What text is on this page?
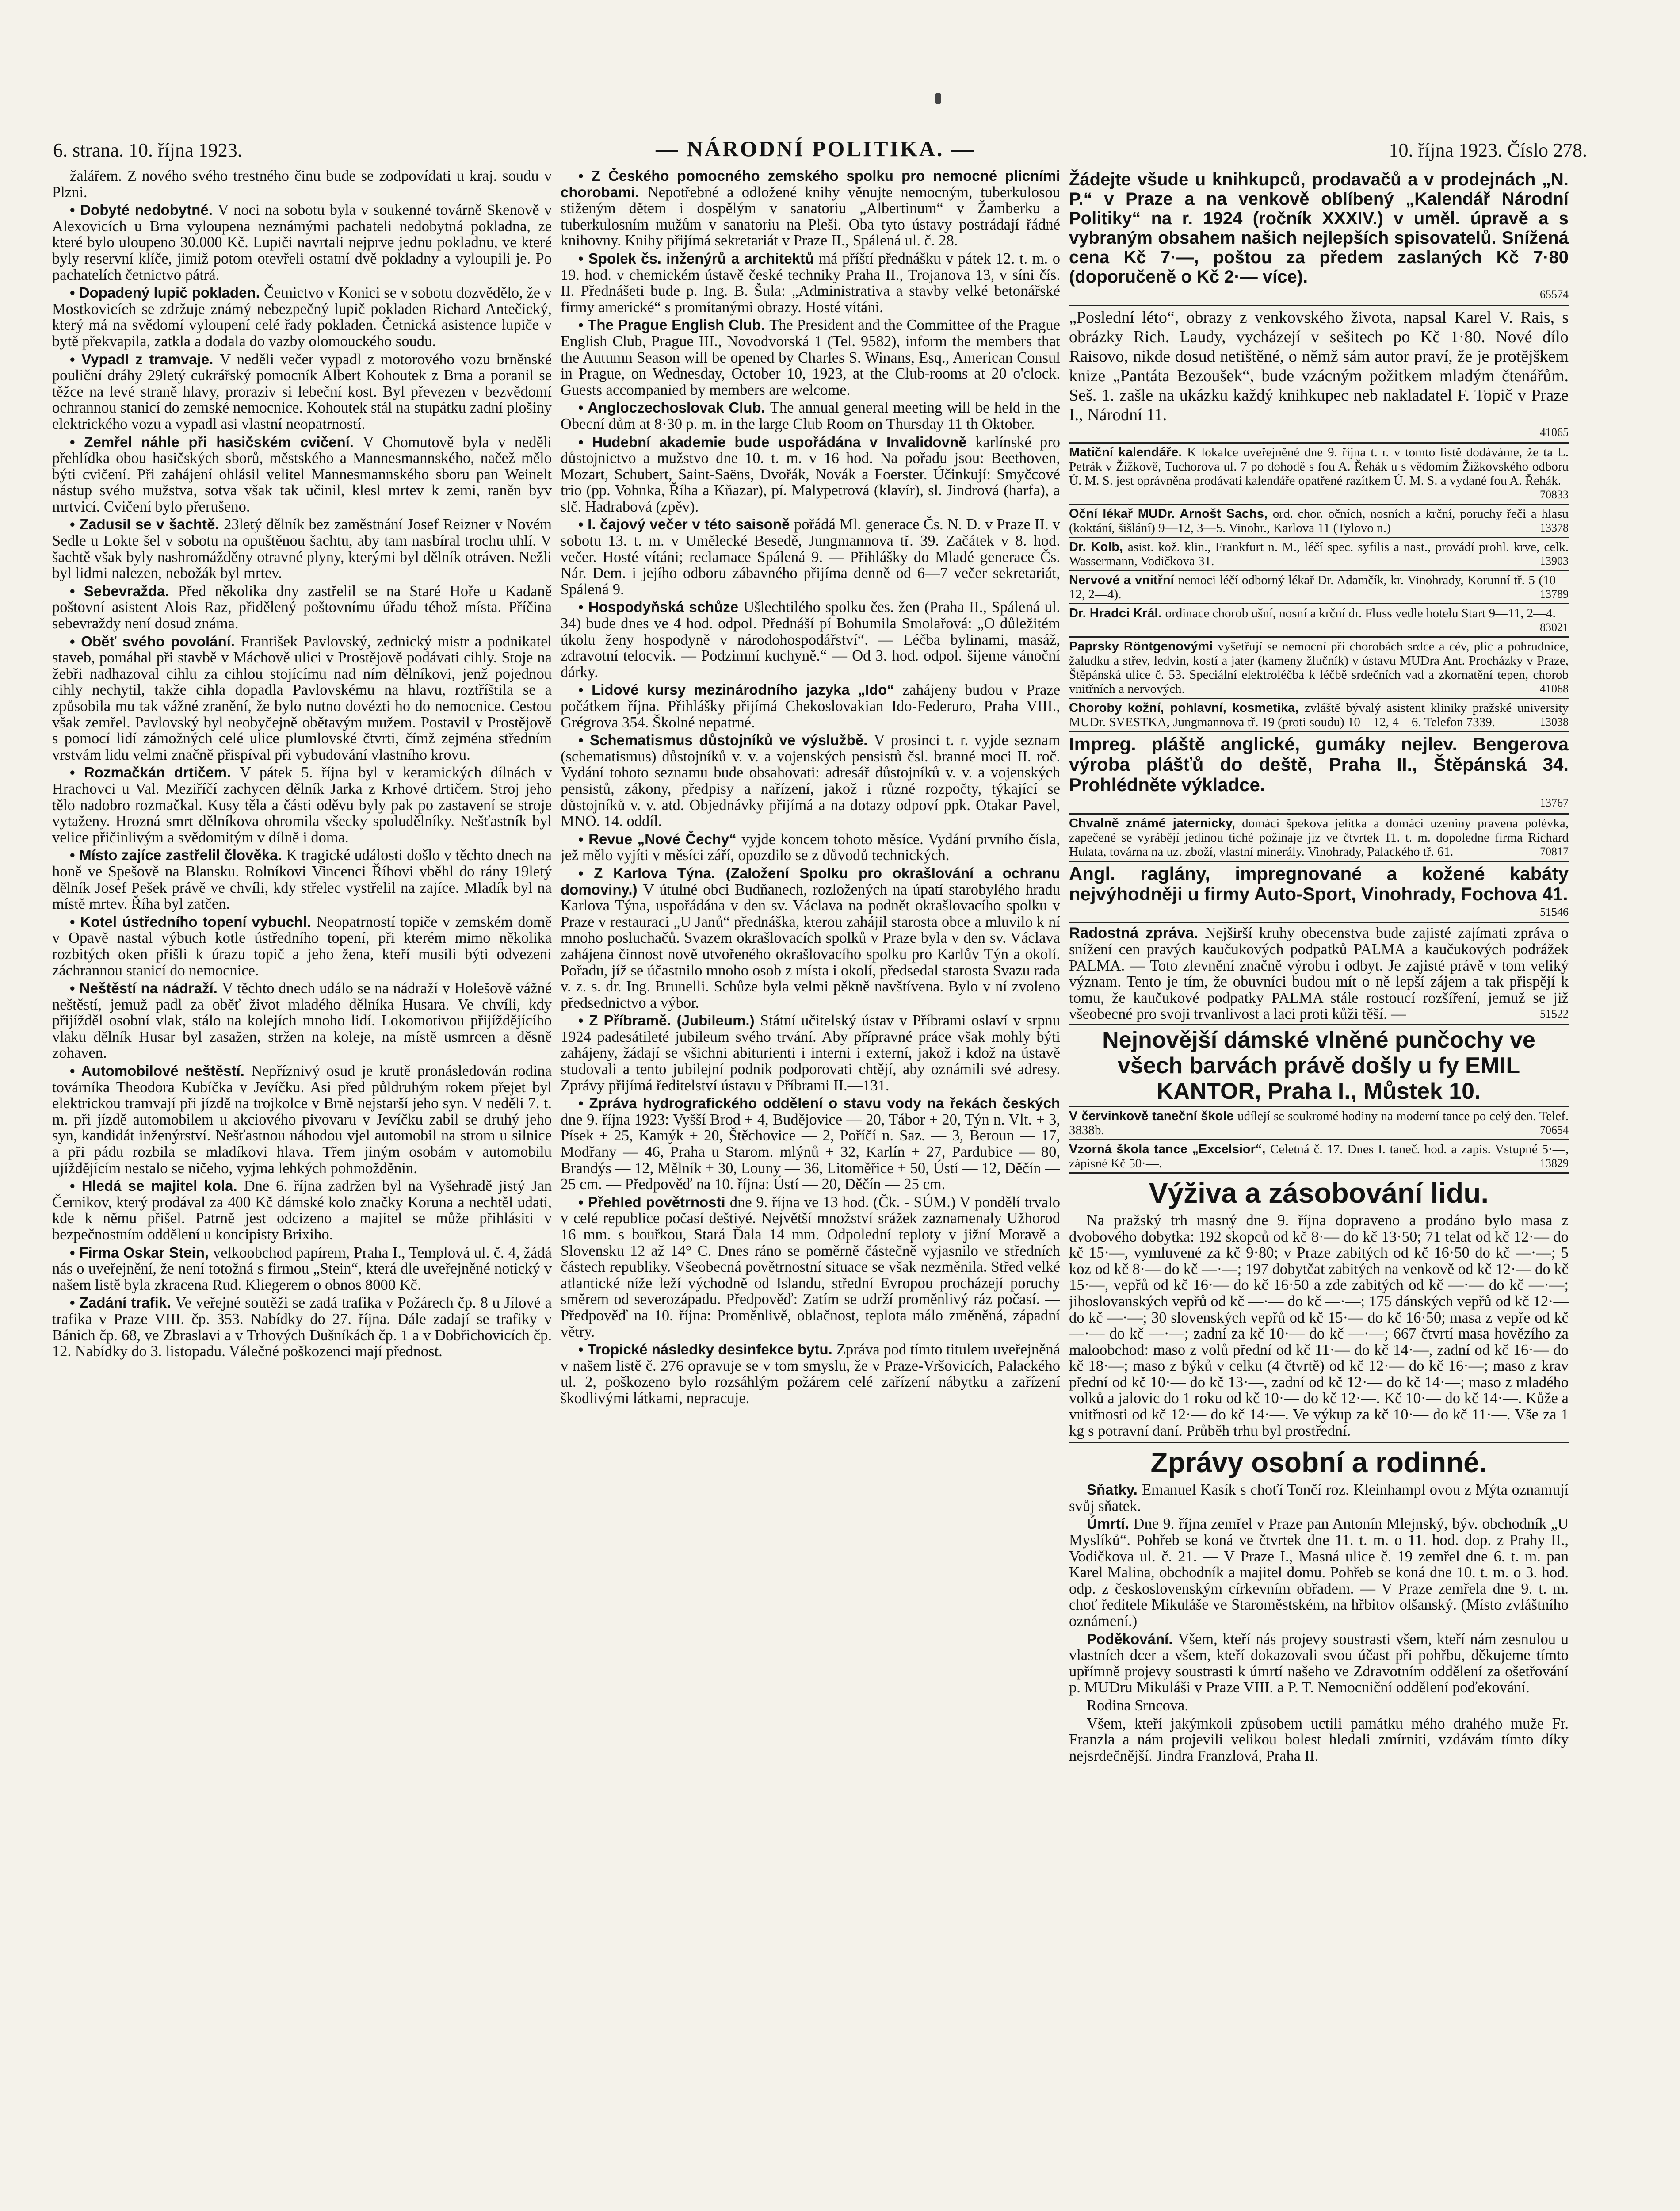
6. strana. 10. října 1923.	— NÁRODNÍ POLITIKA. —	10. října 1923. Číslo 278.
žalářem. Z nového svého trestného činu bude se zodpovídati u kraj. soudu v Plzni.
• Dobyté nedobytné. V noci na sobotu byla v soukenné továrně Skenově v Alexovicích u Brna vyloupena neznámými pachateli nedobytná pokladna, ze které bylo uloupeno 30.000 Kč. Lupiči navrtali nejprve jednu pokladnu, ve které byly reservní klíče, jimiž potom otevřeli ostatní dvě pokladny a vyloupili je. Po pachatelích četnictvo pátrá.
• Dopadený lupič pokladen. Četnictvo v Konici se v sobotu dozvědělo, že v Mostkovicích se zdržuje známý nebezpečný lupič pokladen Richard Antečický, který má na svědomí vyloupení celé řady pokladen. Četnická asistence lupiče v bytě překvapila, zatkla a dodala do vazby olomouckého soudu.
• Vypadl z tramvaje. V neděli večer vypadl z motorového vozu brněnské pouliční dráhy 29letý cukrářský pomocník Albert Kohoutek z Brna a poranil se těžce na levé straně hlavy, proraziv si lebeční kost. Byl převezen v bezvědomí ochrannou stanicí do zemské nemocnice. Kohoutek stál na stupátku zadní plošiny elektrického vozu a vypadl asi vlastní neopatrností.
• Zemřel náhle při hasičském cvičení. V Chomutově byla v neděli přehlídka obou hasičských sborů, městského a Mannesmannského, načež mělo býti cvičení. Při zahájení ohlásil velitel Mannesmannského sboru pan Weinelt nástup svého mužstva, sotva však tak učinil, klesl mrtev k zemi, raněn byv mrtvicí. Cvičení bylo přerušeno.
• Zadusil se v šachtě. 23letý dělník bez zaměstnání Josef Reizner v Novém Sedle u Lokte šel v sobotu na opuštěnou šachtu, aby tam nasbíral trochu uhlí. V šachtě však byly nashromážděny otravné plyny, kterými byl dělník otráven. Nežli byl lidmi nalezen, nebožák byl mrtev.
• Sebevražda. Před několika dny zastřelil se na Staré Hoře u Kadaně poštovní asistent Alois Raz, přidělený poštovnímu úřadu téhož místa. Příčina sebevraždy není dosud známa.
• Oběť svého povolání. František Pavlovský, zednický mistr a podnikatel staveb, pomáhal při stavbě v Máchově ulici v Prostějově podávati cihly. Stoje na žebři nadhazoval cihlu za cihlou stojícímu nad ním dělníkovi, jenž pojednou cihly nechytil, takže cihla dopadla Pavlovskému na hlavu, roztříštila se a způsobila mu tak vážné zranění, že bylo nutno dovézti ho do nemocnice. Cestou však zemřel. Pavlovský byl neobyčejně obětavým mužem. Postavil v Prostějově s pomocí lidí zámožných celé ulice plumlovské čtvrti, čímž zejména středním vrstvám lidu velmi značně přispíval při vybudování vlastního krovu.
• Rozmačkán drtičem. V pátek 5. října byl v keramických dílnách v Hrachovci u Val. Meziříčí zachycen dělník Jarka z Krhové drtičem. Stroj jeho tělo nadobro rozmačkal. Kusy těla a části oděvu byly pak po zastavení se stroje vytaženy. Hrozná smrt dělníkova ohromila všecky spoludělníky. Nešťastník byl velice přičinlivým a svědomitým v dílně i doma.
• Místo zajíce zastřelil člověka. K tragické události došlo v těchto dnech na honě ve Spešově na Blansku. Rolníkovi Vincenci Říhovi vběhl do rány 19letý dělník Josef Pešek právě ve chvíli, kdy střelec vystřelil na zajíce. Mladík byl na místě mrtev. Říha byl zatčen.
• Kotel ústředního topení vybuchl. Neopatrností topiče v zemském domě v Opavě nastal výbuch kotle ústředního topení, při kterém mimo několika rozbitých oken přišli k úrazu topič a jeho žena, kteří musili býti odvezeni záchrannou stanicí do nemocnice.
• Neštěstí na nádraží. V těchto dnech událo se na nádraží v Holešově vážné neštěstí, jemuž padl za oběť život mladého dělníka Husara. Ve chvíli, kdy přijížděl osobní vlak, stálo na kolejích mnoho lidí. Lokomotivou přijíždějícího vlaku dělník Husar byl zasažen, stržen na koleje, na místě usmrcen a děsně zohaven.
• Automobilové neštěstí. Nepříznivý osud je krutě pronásledován rodina továrníka Theodora Kubíčka v Jevíčku. Asi před půldruhým rokem přejet byl elektrickou tramvají při jízdě na trojkolce v Brně nejstarší jeho syn. V neděli 7. t. m. při jízdě automobilem u akciového pivovaru v Jevíčku zabil se druhý jeho syn, kandidát inženýrství. Nešťastnou náhodou vjel automobil na strom u silnice a při pádu rozbila se mladíkovi hlava. Třem jiným osobám v automobilu ujíždějícím nestalo se ničeho, vyjma lehkých pohmožděnin.
• Hledá se majitel kola. Dne 6. října zadržen byl na Vyšehradě jistý Jan Černikov, který prodával za 400 Kč dámské kolo značky Koruna a nechtěl udati, kde k němu přišel. Patrně jest odcizeno a majitel se může přihlásiti v bezpečnostním oddělení u koncipisty Brixiho.
• Firma Oskar Stein, velkoobchod papírem, Praha I., Templová ul. č. 4, žádá nás o uveřejnění, že není totožná s firmou „Stein“, která dle uveřejněné notický v našem listě byla zkracena Rud. Kliegerem o obnos 8000 Kč.
• Zadání trafik. Ve veřejné soutěži se zadá trafika v Požárech čp. 8 u Jílové a trafika v Praze VIII. čp. 353. Nabídky do 27. října. Dále zadají se trafiky v Bánich čp. 68, ve Zbraslavi a v Trhových Dušníkách čp. 1 a v Dobřichovicích čp. 12. Nabídky do 3. listopadu. Válečné poškozenci mají přednost.
• Z Českého pomocného zemského spolku pro nemocné plicními chorobami. Nepotřebné a odložené knihy věnujte nemocným, tuberkulosou stiženým dětem i dospělým v sanatoriu „Albertinum“ v Žamberku a tuberkulosním mužům v sanatoriu na Pleši. Oba tyto ústavy postrádají řádné knihovny. Knihy přijímá sekretariát v Praze II., Spálená ul. č. 28.
• Spolek čs. inženýrů a architektů má příští přednášku v pátek 12. t. m. o 19. hod. v chemickém ústavě české techniky Praha II., Trojanova 13, v síni čís. II. Přednášeti bude p. Ing. B. Šula: „Administrativa a stavby velké betonářské firmy americké“ s promítanými obrazy. Hosté vítáni.
• The Prague English Club. The President and the Committee of the Prague English Club, Prague III., Novodvorská 1 (Tel. 9582), inform the members that the Autumn Season will be opened by Charles S. Winans, Esq., American Consul in Prague, on Wednesday, October 10, 1923, at the Club-rooms at 20 o'clock. Guests accompanied by members are welcome.
• Angloczechoslovak Club. The annual general meeting will be held in the Obecní dům at 8·30 p. m. in the large Club Room on Thursday 11 th Oktober.
• Hudební akademie bude uspořádána v Invalidovně karlínské pro důstojnictvo a mužstvo dne 10. t. m. v 16 hod. Na pořadu jsou: Beethoven, Mozart, Schubert, Saint-Saëns, Dvořák, Novák a Foerster. Účinkují: Smyčcové trio (pp. Vohnka, Říha a Kňazar), pí. Malypetrová (klavír), sl. Jindrová (harfa), a slč. Hadrabová (zpěv).
• I. čajový večer v této saisoně pořádá Ml. generace Čs. N. D. v Praze II. v sobotu 13. t. m. v Umělecké Besedě, Jungmannova tř. 39. Začátek v 8. hod. večer. Hosté vítáni; reclamace Spálená 9. — Přihlášky do Mladé generace Čs. Nár. Dem. i jejího odboru zábavného přijíma denně od 6—7 večer sekretariát, Spálená 9.
• Hospodyňská schůze Ušlechtilého spolku čes. žen (Praha II., Spálená ul. 34) bude dnes ve 4 hod. odpol. Přednáší pí Bohumila Smolařová: „O důležitém úkolu ženy hospodyně v národohospodářství“. — Léčba bylinami, masáž, zdravotní telocvik. — Podzimní kuchyně.“ — Od 3. hod. odpol. šijeme vánoční dárky.
• Lidové kursy mezinárodního jazyka „Ido“ zahájeny budou v Praze počátkem října. Přihlášky přijímá Chekoslovakian Ido-Federuro, Praha VIII., Grégrova 354. Školné nepatrné.
• Schematismus důstojníků ve výslužbě. V prosinci t. r. vyjde seznam (schematismus) důstojníků v. v. a vojenských pensistů čsl. branné moci II. roč. Vydání tohoto seznamu bude obsahovati: adresář důstojníků v. v. a vojenských pensistů, zákony, předpisy a nařízení, jakož i různé rozpočty, týkající se důstojníků v. v. atd. Objednávky přijímá a na dotazy odpoví ppk. Otakar Pavel, MNO. 14. oddíl.
• Revue „Nové Čechy“ vyjde koncem tohoto měsíce. Vydání prvního čísla, jež mělo vyjíti v měsíci září, opozdilo se z důvodů technických.
• Z Karlova Týna. (Založení Spolku pro okrašlování a ochranu domoviny.) V útulné obci Budňanech, rozložených na úpatí starobylého hradu Karlova Týna, uspořádána v den sv. Václava na podnět okrašlovacího spolku v Praze v restauraci „U Janů“ přednáška, kterou zahájil starosta obce a mluvilo k ní mnoho posluchačů. Svazem okrašlovacích spolků v Praze byla v den sv. Václava zahájena činnost nově utvořeného okrašlovacího spolku pro Karlův Týn a okolí. Pořadu, jíž se účastnilo mnoho osob z místa i okolí, předsedal starosta Svazu rada v. z. s. dr. Ing. Brunelli. Schůze byla velmi pěkně navštívena. Bylo v ní zvoleno předsednictvo a výbor.
• Z Příbramě. (Jubileum.) Státní učitelský ústav v Příbrami oslaví v srpnu 1924 padesátileté jubileum svého trvání. Aby přípravné práce však mohly býti zahájeny, žádají se všichni abiturienti i interni i externí, jakož i kdož na ústavě studovali a tento jubilejní podnik podporovati chtějí, aby oznámili své adresy. Zprávy přijímá ředitelství ústavu v Příbrami II.—131.
• Zpráva hydrografického oddělení o stavu vody na řekách českých dne 9. října 1923: Vyšší Brod + 4, Budějovice — 20, Tábor + 20, Týn n. Vlt. + 3, Písek + 25, Kamýk + 20, Štěchovice — 2, Poříčí n. Saz. — 3, Beroun — 17, Modřany — 46, Praha u Starom. mlýnů + 32, Karlín + 27, Pardubice — 80, Brandýs — 12, Mělník + 30, Louny — 36, Litoměřice + 50, Ústí — 12, Děčín — 25 cm. — Předpověď na 10. října: Ústí — 20, Děčín — 25 cm.
• Přehled povětrnosti dne 9. října ve 13 hod. (Čk. - SÚM.) V pondělí trvalo v celé republice počasí deštivé. Největší množství srážek zaznamenaly Užhorod 16 mm. s bouřkou, Stará Ďala 14 mm. Odpolední teploty v jižní Moravě a Slovensku 12 až 14° C. Dnes ráno se poměrně částečně vyjasnilo ve středních částech republiky. Všeobecná povětrnostní situace se však nezměnila. Střed velké atlantické níže leží východně od Islandu, střední Evropou procházejí poruchy směrem od severozápadu. Předpověď: Zatím se udrží proměnlivý ráz počasí. — Předpověď na 10. října: Proměnlivě, oblačnost, teplota málo změněná, západní větry.
• Tropické následky desinfekce bytu. Zpráva pod tímto titulem uveřejněná v našem listě č. 276 opravuje se v tom smyslu, že v Praze-Vršovicích, Palackého ul. 2, poškozeno bylo rozsáhlým požárem celé zařízení nábytku a zařízení škodlivými látkami, nepracuje.
Žádejte všude u knihkupců, prodavačů a v prodejnách „N. P.“ v Praze a na venkově oblíbený „Kalendář Národní Politiky“ na r. 1924 (ročník XXXIV.) v uměl. úpravě a s vybraným obsahem našich nejlepších spisovatelů. Snížená cena Kč 7·—, poštou za předem zaslaných Kč 7·80 (doporučeně o Kč 2·— více).
65574
„Poslední léto“, obrazy z venkovského života, napsal Karel V. Rais, s obrázky Rich. Laudy, vycházejí v sešitech po Kč 1·80. Nové dílo Raisovo, nikde dosud netištěné, o němž sám autor praví, že je protějškem knize „Pantáta Bezoušek“, bude vzácným požitkem mladým čtenářům. Seš. 1. zašle na ukázku každý knihkupec neb nakladatel F. Topič v Praze I., Národní 11.
41065
Matiční kalendáře. K lokalce uveřejněné dne 9. října t. r. v tomto listě dodáváme, že ta L. Petrák v Žižkově, Tuchorova ul. 7 po dohodě s fou A. Řehák u s vědomím Žižkovského odboru Ú. M. S. jest oprávněna prodávati kalendáře opatřené razítkem Ú. M. S. a vydané fou A. Řehák.
70833
Oční lékař MUDr. Arnošt Sachs, ord. chor. očních, nosních a krční, poruchy řeči a hlasu (koktání, šišlání) 9—12, 3—5. Vinohr., Karlova 11 (Tylovo n.)	13378
Dr. Kolb, asist. kož. klin., Frankfurt n. M., léčí spec. syfilis a nast., provádí prohl. krve, celk. Wassermann, Vodičkova 31.	13903
Nervové a vnitřní nemoci léčí odborný lékař Dr. Adamčík, kr. Vinohrady, Korunní tř. 5 (10—12, 2—4).	13789
Dr. Hradci Král. ordinace chorob ušní, nosní a krční dr. Fluss vedle hotelu Start 9—11, 2—4.
83021
Paprsky Röntgenovými vyšetřují se nemocní při chorobách srdce a cév, plic a pohrudnice, žaludku a střev, ledvin, kostí a jater (kameny žlučník) v ústavu MUDra Ant. Procházky v Praze, Štěpánská ulice č. 53. Speciální elektroléčba k léčbě srdečních vad a zkornatění tepen, chorob vnitřních a nervových.	41068
Choroby kožní, pohlavní, kosmetika, zvláště bývalý asistent kliniky pražské university MUDr. SVESTKA, Jungmannova tř. 19 (proti soudu) 10—12, 4—6. Telefon 7339.	13038
Impreg. pláště anglické, gumáky nejlev. Bengerova výroba plášťů do deště, Praha II., Štěpánská 34. Prohlédněte výkladce.
13767
Chvalně známé jaternicky, domácí špekova jelítka a domácí uzeniny pravena polévka, zapečené se vyrábějí jedinou tiché požinaje jiz ve čtvrtek 11. t. m. dopoledne firma Richard Hulata, továrna na uz. zboží, vlastní minerály. Vinohrady, Palackého tř. 61.	70817
Angl. raglány, impregnované a kožené kabáty nejvýhodněji u firmy Auto-Sport, Vinohrady, Fochova 41.
51546
Radostná zpráva. Nejširší kruhy obecenstva bude zajisté zajímati zpráva o snížení cen pravých kaučukových podpatků PALMA a kaučukových podrážek PALMA. — Toto zlevnění značně výrobu i odbyt. Je zajisté právě v tom veliký význam. Tento je tím, že obuvníci budou mít o ně lepší zájem a tak přispějí k tomu, že kaučukové podpatky PALMA stále rostoucí rozšíření, jemuž se již všeobecné pro svoji trvanlivost a laci proti kůži těší. —	51522
Nejnovější dámské vlněné punčochy ve všech barvách právě došly u fy EMIL KANTOR, Praha I., Můstek 10.
V červinkově taneční škole udílejí se soukromé hodiny na moderní tance po celý den. Telef. 3838b.	70654
Vzorná škola tance „Excelsior“, Celetná č. 17. Dnes I. taneč. hod. a zapis. Vstupné 5·—, zápisné Kč 50·—.	13829
Výživa a zásobování lidu.
Na pražský trh masný dne 9. října dopraveno a prodáno bylo masa z dvobového dobytka: 192 skopců od kč 8·— do kč 13·50; 71 telat od kč 12·— do kč 15·—, vymluvené za kč 9·80; v Praze zabitých od kč 16·50 do kč —·—; 5 koz od kč 8·— do kč —·—; 197 dobytčat zabitých na venkově od kč 12·— do kč 15·—, vepřů od kč 16·— do kč 16·50 a zde zabitých od kč —·— do kč —·—; jihoslovanských vepřů od kč —·— do kč —·—; 175 dánských vepřů od kč 12·— do kč —·—; 30 slovenských vepřů od kč 15·— do kč 16·50; masa z vepře od kč —·— do kč —·—; zadní za kč 10·— do kč —·—; 667 čtvrtí masa hovězího za maloobchod: maso z volů přední od kč 11·— do kč 14·—, zadní od kč 16·— do kč 18·—; maso z býků v celku (4 čtvrtě) od kč 12·— do kč 16·—; maso z krav přední od kč 10·— do kč 13·—, zadní od kč 12·— do kč 14·—; maso z mladého volků a jalovic do 1 roku od kč 10·— do kč 12·—. Kč 10·— do kč 14·—. Kůže a vnitřnosti od kč 12·— do kč 14·—. Ve výkup za kč 10·— do kč 11·—. Vše za 1 kg s potravní daní. Průběh trhu byl prostřední.
Zprávy osobní a rodinné.
Sňatky. Emanuel Kasík s choťí Tončí roz. Kleinhampl ovou z Mýta oznamují svůj sňatek.
Úmrtí. Dne 9. října zemřel v Praze pan Antonín Mlejnský, býv. obchodník „U Myslíků“. Pohřeb se koná ve čtvrtek dne 11. t. m. o 11. hod. dop. z Prahy II., Vodičkova ul. č. 21. — V Praze I., Masná ulice č. 19 zemřel dne 6. t. m. pan Karel Malina, obchodník a majitel domu. Pohřeb se koná dne 10. t. m. o 3. hod. odp. z československým církevním obřadem. — V Praze zemřela dne 9. t. m. choť ředitele Mikuláše ve Staroměstském, na hřbitov olšanský. (Místo zvláštního oznámení.)
Poděkování. Všem, kteří nás projevy soustrasti všem, kteří nám zesnulou u vlastních dcer a všem, kteří dokazovali svou účast při pohřbu, děkujeme tímto upřímně projevy soustrasti k úmrtí našeho ve Zdravotním oddělení za ošetřování p. MUDru Mikuláši v Praze VIII. a P. T. Nemocniční oddělení poďekování.
Rodina Srncova.
Všem, kteří jakýmkoli způsobem uctili památku mého drahého muže Fr. Franzla a nám projevili velikou bolest hledali zmírniti, vzdávám tímto díky nejsrdečnější. Jindra Franzlová, Praha II.
